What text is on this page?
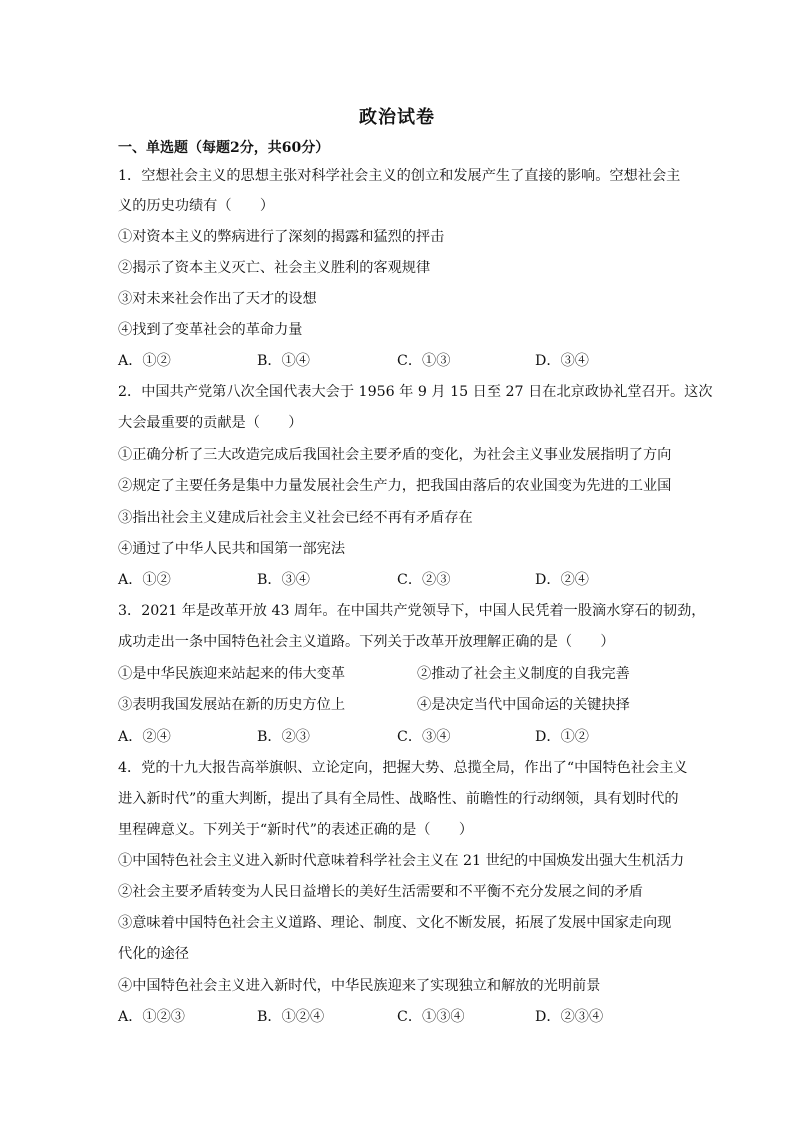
政治试卷
一、单选题（每题2分，共60分）
1．空想社会主义的思想主张对科学社会主义的创立和发展产生了直接的影响。空想社会主
义的历史功绩有（　　）
①对资本主义的弊病进行了深刻的揭露和猛烈的抨击
②揭示了资本主义灭亡、社会主义胜利的客观规律
③对未来社会作出了天才的设想
④找到了变革社会的革命力量
A．①②	B．①④	C．①③	D．③④
2．中国共产党第八次全国代表大会于 1956 年 9 月 15 日至 27 日在北京政协礼堂召开。这次
大会最重要的贡献是（　　）
①正确分析了三大改造完成后我国社会主要矛盾的变化，为社会主义事业发展指明了方向
②规定了主要任务是集中力量发展社会生产力，把我国由落后的农业国变为先进的工业国
③指出社会主义建成后社会主义社会已经不再有矛盾存在
④通过了中华人民共和国第一部宪法
A．①②	B．③④	C．②③	D．②④
3．2021 年是改革开放 43 周年。在中国共产党领导下，中国人民凭着一股滴水穿石的韧劲，
成功走出一条中国特色社会主义道路。下列关于改革开放理解正确的是（　　）
①是中华民族迎来站起来的伟大变革	②推动了社会主义制度的自我完善
③表明我国发展站在新的历史方位上	④是决定当代中国命运的关键抉择
A．②④	B．②③	C．③④	D．①②
4．党的十九大报告高举旗帜、立论定向，把握大势、总揽全局，作出了“中国特色社会主义
进入新时代”的重大判断，提出了具有全局性、战略性、前瞻性的行动纲领，具有划时代的
里程碑意义。下列关于“新时代”的表述正确的是（　　）
①中国特色社会主义进入新时代意味着科学社会主义在 21 世纪的中国焕发出强大生机活力
②社会主要矛盾转变为人民日益增长的美好生活需要和不平衡不充分发展之间的矛盾
③意味着中国特色社会主义道路、理论、制度、文化不断发展，拓展了发展中国家走向现
代化的途径
④中国特色社会主义进入新时代，中华民族迎来了实现独立和解放的光明前景
A．①②③	B．①②④	C．①③④	D．②③④
